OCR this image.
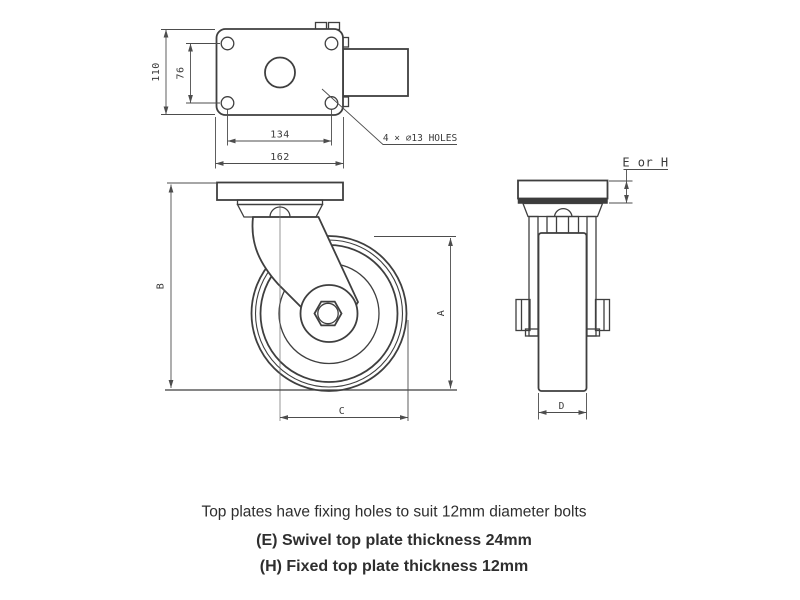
110 76
134
162
4 × ∅13 HOLES
B
A
C
E or H
D
Top plates have fixing holes to suit 12mm diameter bolts
(E) Swivel top plate thickness 24mm
(H) Fixed top plate thickness 12mm
